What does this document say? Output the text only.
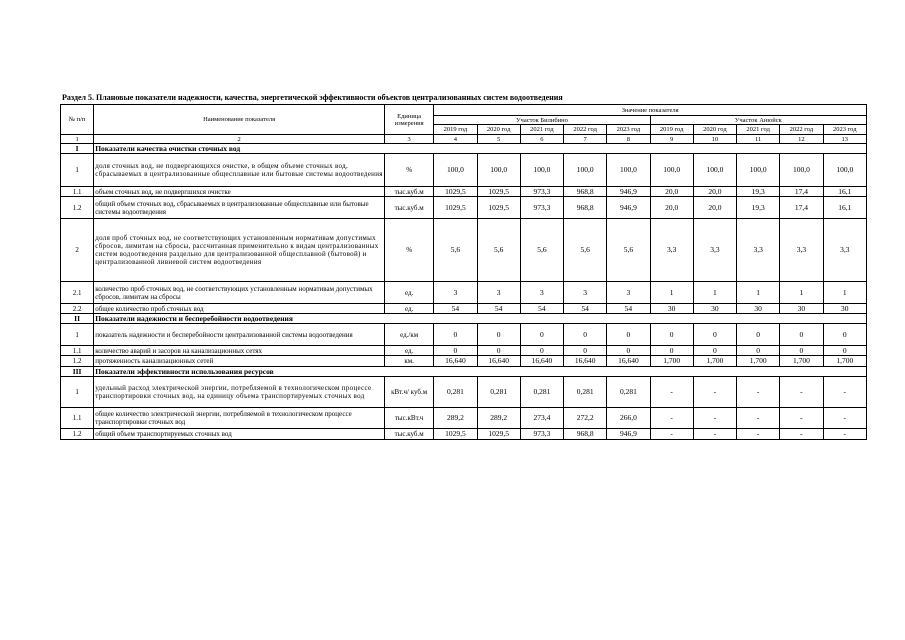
Раздел 5. Плановые показатели надежности, качества, энергетической эффективности объектов централизованных систем водоотведения
№ п/п	Наименование показателя	Единица измерения	Значение показателя									
			Участок Билибино					Участок Анюйск				
			2019 год	2020 год	2021 год	2022 год	2023 год	2019 год	2020 год	2021 год	2022 год	2023 год
1	2	3	4	5	6	7	8	9	10	11	12	13
I	Показатели качества очистки сточных вод											
1	доля сточных вод, не подвергающихся очистке, в общем объеме сточных вод, сбрасываемых в централизованные общесплавные или бытовые системы водоотведения	%	100,0	100,0	100,0	100,0	100,0	100,0	100,0	100,0	100,0	100,0
1.1	объем сточных вод, не подвергшихся очистке	тыс.куб.м	1029,5	1029,5	973,3	968,8	946,9	20,0	20,0	19,3	17,4	16,1
1.2	общий объем сточных вод, сбрасываемых в централизованные общесплавные или бытовые системы водоотведения	тыс.куб.м	1029,5	1029,5	973,3	968,8	946,9	20,0	20,0	19,3	17,4	16,1
2	доля проб сточных вод, не соответствующих установленным нормативам допустимых сбросов, лимитам на сбросы, рассчитанная применительно к видам централизованных систем водоотведения раздельно для централизованной общесплавной (бытовой) и централизованной ливневой систем водоотведения	%	5,6	5,6	5,6	5,6	5,6	3,3	3,3	3,3	3,3	3,3
2.1	количество проб сточных вод, не соответствующих установленным нормативам допустимых сбросов, лимитам на сбросы	ед.	3	3	3	3	3	1	1	1	1	1
2.2	общее количество проб сточных вод	ед.	54	54	54	54	54	30	30	30	30	30
II	Показатели надежности и бесперебойности водоотведения											
1	показатель надежности и бесперебойности централизованной системы водоотведения	ед./км	0	0	0	0	0	0	0	0	0	0
1.1	количество аварий и засоров на канализационных сетях	ед.	0	0	0	0	0	0	0	0	0	0
1.2	протяженность канализационных сетей	км.	16,640	16,640	16,640	16,640	16,640	1,700	1,700	1,700	1,700	1,700
III	Показатели эффективности использования ресурсов											
1	удельный расход электрической энергии, потребляемой в технологическом процессе транспортировки сточных вод, на единицу объема транспортируемых сточных вод	кВт.ч/ куб.м	0,281	0,281	0,281	0,281	0,281	-	-	-	-	-
1.1	общее количество электрической энергии, потребляемой в технологическом процессе транспортировки сточных вод	тыс.кВт.ч	289,2	289,2	273,4	272,2	266,0	-	-	-	-	-
1.2	общий объем транспортируемых сточных вод	тыс.куб.м	1029,5	1029,5	973,3	968,8	946,9	-	-	-	-	-
